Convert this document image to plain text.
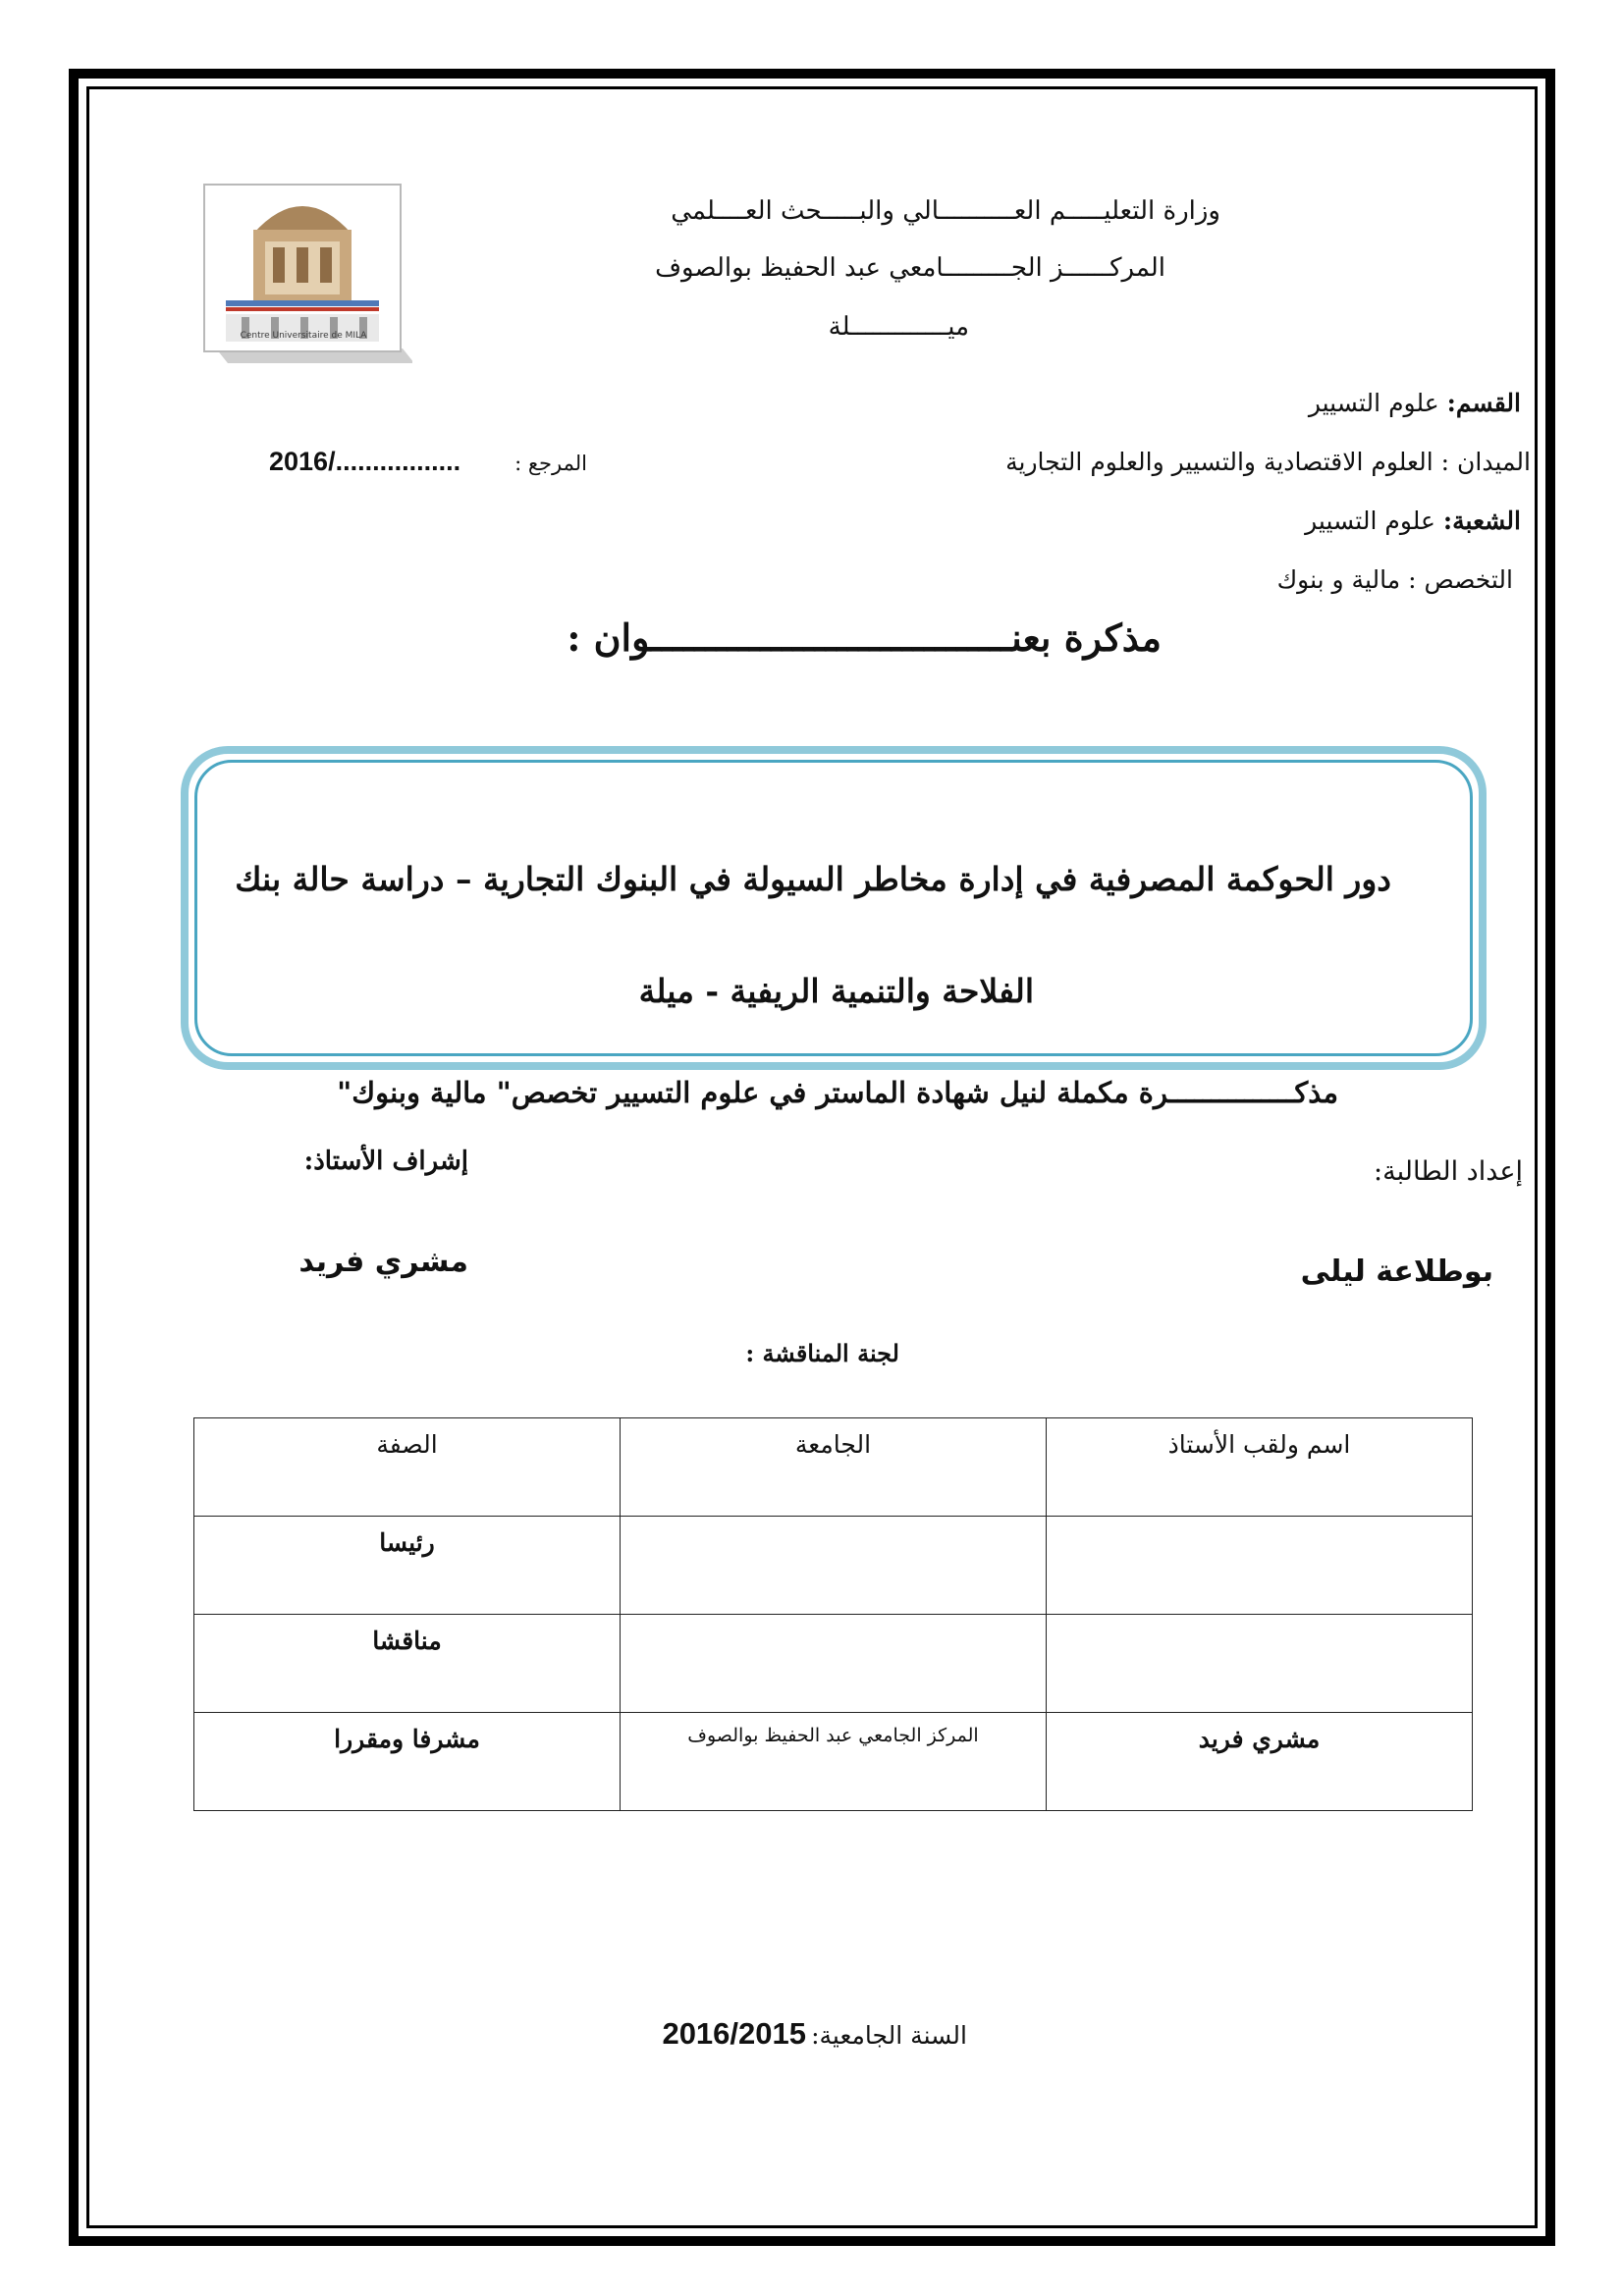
Centre Universitaire de MILA
وزارة التعليـــــم العــــــــــالي والبـــــحث العــــلمي
المركــــــز الجـــــــــامعي عبد الحفيظ بوالصوف
ميـــــــــــــلة
القسم: علوم التسيير
الميدان : العلوم الاقتصادية والتسيير والعلوم التجارية
المرجع :
2016/.................
الشعبة: علوم التسيير
التخصص : مالية و بنوك
مذكرة بعنـــــــــــــــــــــــــــــــــوان :
دور الحوكمة المصرفية في إدارة مخاطر السيولة في البنوك التجارية – دراسة حالة بنك
الفلاحة والتنمية الريفية - ميلة
مذكـــــــــــــــرة مكملة لنيل شهادة الماستر في علوم التسيير تخصص" مالية وبنوك"
إعداد الطالبة:
إشراف الأستاذ:
بوطلاعة ليلى
مشري فريد
لجنة المناقشة :
اسم ولقب الأستاذ	الجامعة	الصفة
		رئيسا
		مناقشا
مشري فريد	المركز الجامعي عبد الحفيظ بوالصوف	مشرفا ومقررا
السنة الجامعية: 2016/2015
